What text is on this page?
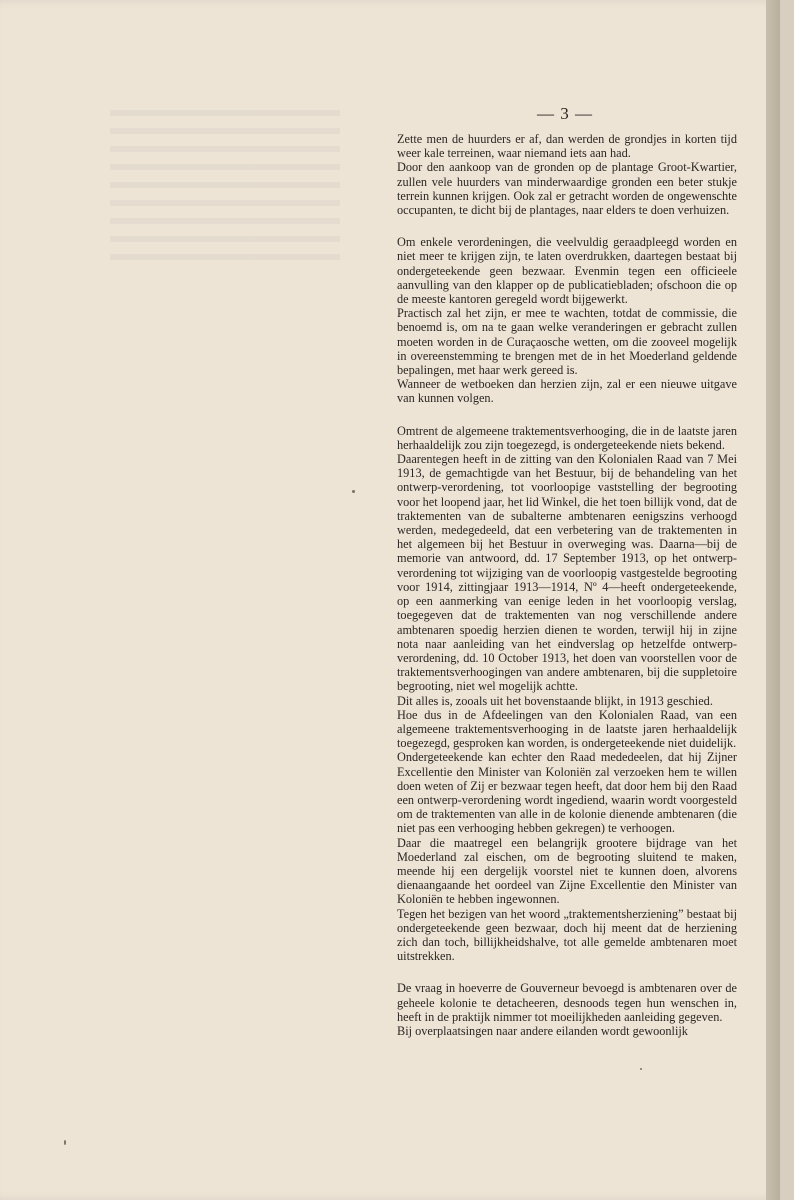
— 3 —

Zette men de huurders er af, dan werden de grondjes in korten tijd weer kale terreinen, waar niemand iets aan had.

Door den aankoop van de gronden op de plantage Groot-Kwartier, zullen vele huurders van minderwaardige gronden een beter stukje terrein kunnen krijgen. Ook zal er getracht worden de ongewenschte occupanten, te dicht bij de plantages, naar elders te doen verhuizen.

Om enkele verordeningen, die veelvuldig geraadpleegd worden en niet meer te krijgen zijn, te laten overdrukken, daartegen bestaat bij ondergeteekende geen bezwaar. Evenmin tegen een officieele aanvulling van den klapper op de publicatiebladen; ofschoon die op de meeste kantoren geregeld wordt bijgewerkt.

Practisch zal het zijn, er mee te wachten, totdat de commissie, die benoemd is, om na te gaan welke veranderingen er gebracht zullen moeten worden in de Curaçaosche wetten, om die zooveel mogelijk in overeenstemming te brengen met de in het Moederland geldende bepalingen, met haar werk gereed is.

Wanneer de wetboeken dan herzien zijn, zal er een nieuwe uitgave van kunnen volgen.

Omtrent de algemeene traktementsverhooging, die in de laatste jaren herhaaldelijk zou zijn toegezegd, is ondergeteekende niets bekend.

Daarentegen heeft in de zitting van den Kolonialen Raad van 7 Mei 1913, de gemachtigde van het Bestuur, bij de behandeling van het ontwerp-verordening, tot voorloopige vaststelling der begrooting voor het loopend jaar, het lid Winkel, die het toen billijk vond, dat de traktementen van de subalterne ambtenaren eenigszins verhoogd werden, medegedeeld, dat een verbetering van de traktementen in het algemeen bij het Bestuur in overweging was. Daarna—bij de memorie van antwoord, dd. 17 September 1913, op het ontwerp-verordening tot wijziging van de voorloopig vastgestelde begrooting voor 1914, zittingjaar 1913—1914, Nº 4—heeft ondergeteekende, op een aanmerking van eenige leden in het voorloopig verslag, toegegeven dat de traktementen van nog verschillende andere ambtenaren spoedig herzien dienen te worden, terwijl hij in zijne nota naar aanleiding van het eindverslag op hetzelfde ontwerp-verordening, dd. 10 October 1913, het doen van voorstellen voor de traktementsverhoogingen van andere ambtenaren, bij die suppletoire begrooting, niet wel mogelijk achtte.

Dit alles is, zooals uit het bovenstaande blijkt, in 1913 geschied.

Hoe dus in de Afdeelingen van den Kolonialen Raad, van een algemeene traktementsverhooging in de laatste jaren herhaaldelijk toegezegd, gesproken kan worden, is ondergeteekende niet duidelijk.

Ondergeteekende kan echter den Raad mededeelen, dat hij Zijner Excellentie den Minister van Koloniën zal verzoeken hem te willen doen weten of Zij er bezwaar tegen heeft, dat door hem bij den Raad een ontwerp-verordening wordt ingediend, waarin wordt voorgesteld om de traktementen van alle in de kolonie dienende ambtenaren (die niet pas een verhooging hebben gekregen) te verhoogen.

Daar die maatregel een belangrijk grootere bijdrage van het Moederland zal eischen, om de begrooting sluitend te maken, meende hij een dergelijk voorstel niet te kunnen doen, alvorens dienaangaande het oordeel van Zijne Excellentie den Minister van Koloniën te hebben ingewonnen.

Tegen het bezigen van het woord „traktementsherziening” bestaat bij ondergeteekende geen bezwaar, doch hij meent dat de herziening zich dan toch, billijkheidshalve, tot alle gemelde ambtenaren moet uitstrekken.

De vraag in hoeverre de Gouverneur bevoegd is ambtenaren over de geheele kolonie te detacheeren, desnoods tegen hun wenschen in, heeft in de praktijk nimmer tot moeilijkheden aanleiding gegeven.

Bij overplaatsingen naar andere eilanden wordt gewoonlijk
